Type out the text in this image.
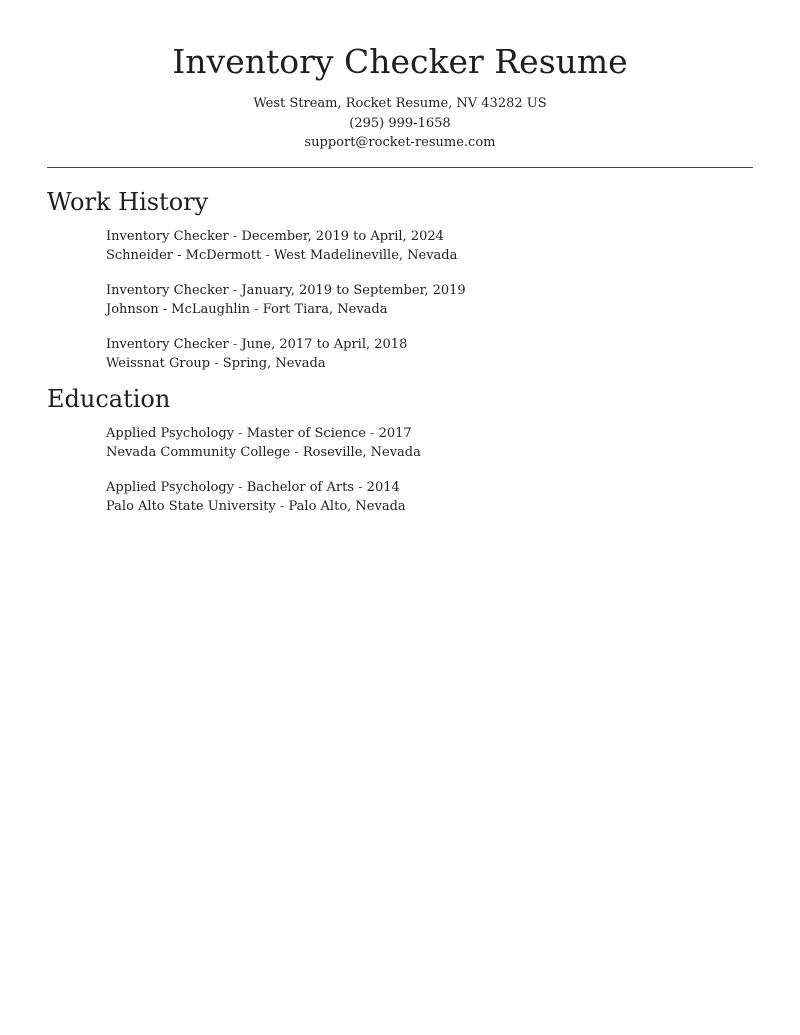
Inventory Checker Resume
West Stream, Rocket Resume, NV 43282 US
(295) 999-1658
support@rocket-resume.com
Work History
Inventory Checker - December, 2019 to April, 2024
Schneider - McDermott - West Madelineville, Nevada
Inventory Checker - January, 2019 to September, 2019
Johnson - McLaughlin - Fort Tiara, Nevada
Inventory Checker - June, 2017 to April, 2018
Weissnat Group - Spring, Nevada
Education
Applied Psychology - Master of Science - 2017
Nevada Community College - Roseville, Nevada
Applied Psychology - Bachelor of Arts - 2014
Palo Alto State University - Palo Alto, Nevada
